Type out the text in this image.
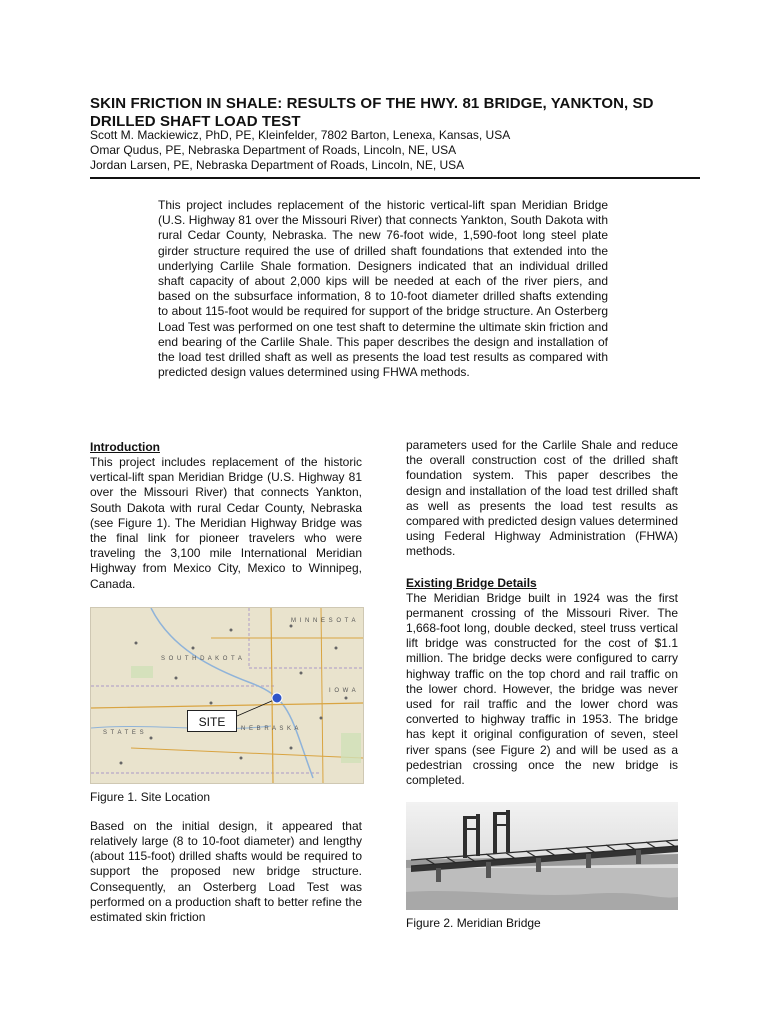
SKIN FRICTION IN SHALE: RESULTS OF THE HWY. 81 BRIDGE, YANKTON, SD
DRILLED SHAFT LOAD TEST
Scott M. Mackiewicz, PhD, PE, Kleinfelder, 7802 Barton, Lenexa, Kansas, USA
Omar Qudus, PE, Nebraska Department of Roads, Lincoln, NE, USA
Jordan Larsen, PE, Nebraska Department of Roads, Lincoln, NE, USA

This project includes replacement of the historic vertical-lift span Meridian Bridge (U.S. Highway 81 over the Missouri River) that connects Yankton, South Dakota with rural Cedar County, Nebraska. The new 76-foot wide, 1,590-foot long steel plate girder structure required the use of drilled shaft foundations that extended into the underlying Carlile Shale formation. Designers indicated that an individual drilled shaft capacity of about 2,000 kips will be needed at each of the river piers, and based on the subsurface information, 8 to 10-foot diameter drilled shafts extending to about 115-foot would be required for support of the bridge structure. An Osterberg Load Test was performed on one test shaft to determine the ultimate skin friction and end bearing of the Carlile Shale. This paper describes the design and installation of the load test drilled shaft as well as presents the load test results as compared with predicted design values determined using FHWA methods.

Introduction

This project includes replacement of the historic vertical-lift span Meridian Bridge (U.S. Highway 81 over the Missouri River) that connects Yankton, South Dakota with rural Cedar County, Nebraska (see Figure 1). The Meridian Highway Bridge was the final link for pioneer travelers who were traveling the 3,100 mile International Meridian Highway from Mexico City, Mexico to Winnipeg, Canada.

M I N N E S O T A
S O U T H D A K O T A
N E B R A S K A
I O W A
S T A T E S
SITE

Figure 1. Site Location

Based on the initial design, it appeared that relatively large (8 to 10-foot diameter) and lengthy (about 115-foot) drilled shafts would be required to support the proposed new bridge structure. Consequently, an Osterberg Load Test was performed on a production shaft to better refine the estimated skin friction

parameters used for the Carlile Shale and reduce the overall construction cost of the drilled shaft foundation system. This paper describes the design and installation of the load test drilled shaft as well as presents the load test results as compared with predicted design values determined using Federal Highway Administration (FHWA) methods.

Existing Bridge Details

The Meridian Bridge built in 1924 was the first permanent crossing of the Missouri River. The 1,668-foot long, double decked, steel truss vertical lift bridge was constructed for the cost of $1.1 million. The bridge decks were configured to carry highway traffic on the top chord and rail traffic on the lower chord. However, the bridge was never used for rail traffic and the lower chord was converted to highway traffic in 1953. The bridge has kept it original configuration of seven, steel river spans (see Figure 2) and will be used as a pedestrian crossing once the new bridge is completed.

Figure 2. Meridian Bridge
